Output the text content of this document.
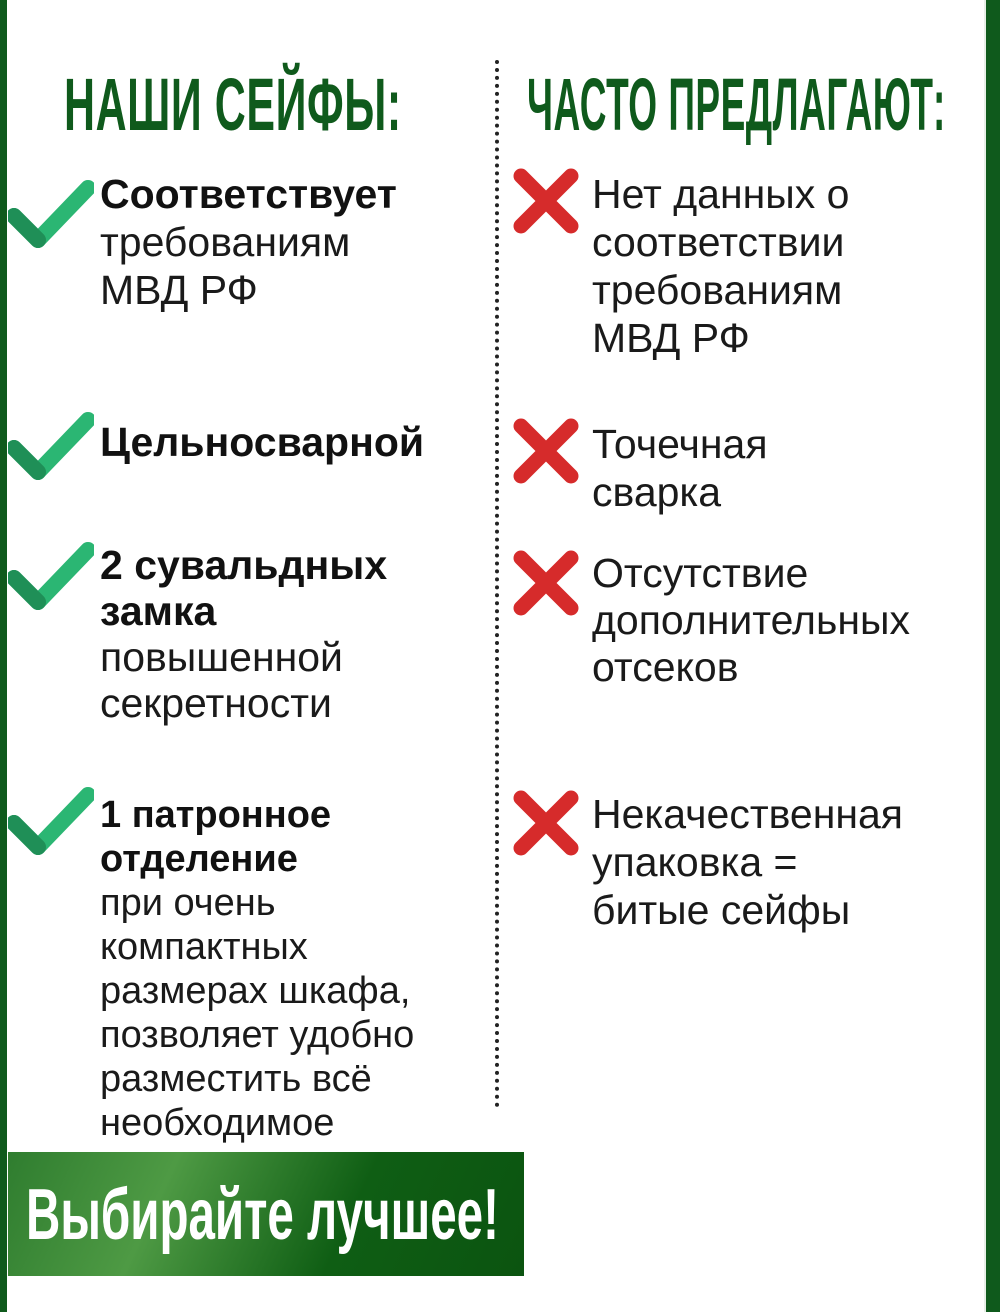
НАШИ СЕЙФЫ: ЧАСТО ПРЕДЛАГАЮТ:
Соответствует
требованиям
МВД РФ
Цельносварной
2 сувальдных
замка
повышенной
секретности
1 патронное
отделение
при очень
компактных
размерах шкафа,
позволяет удобно
разместить всё
необходимое
Нет данных о
соответствии
требованиям
МВД РФ
Точечная
сварка
Отсутствие
дополнительных
отсеков
Некачественная
упаковка =
битые сейфы
Выбирайте лучшее!
